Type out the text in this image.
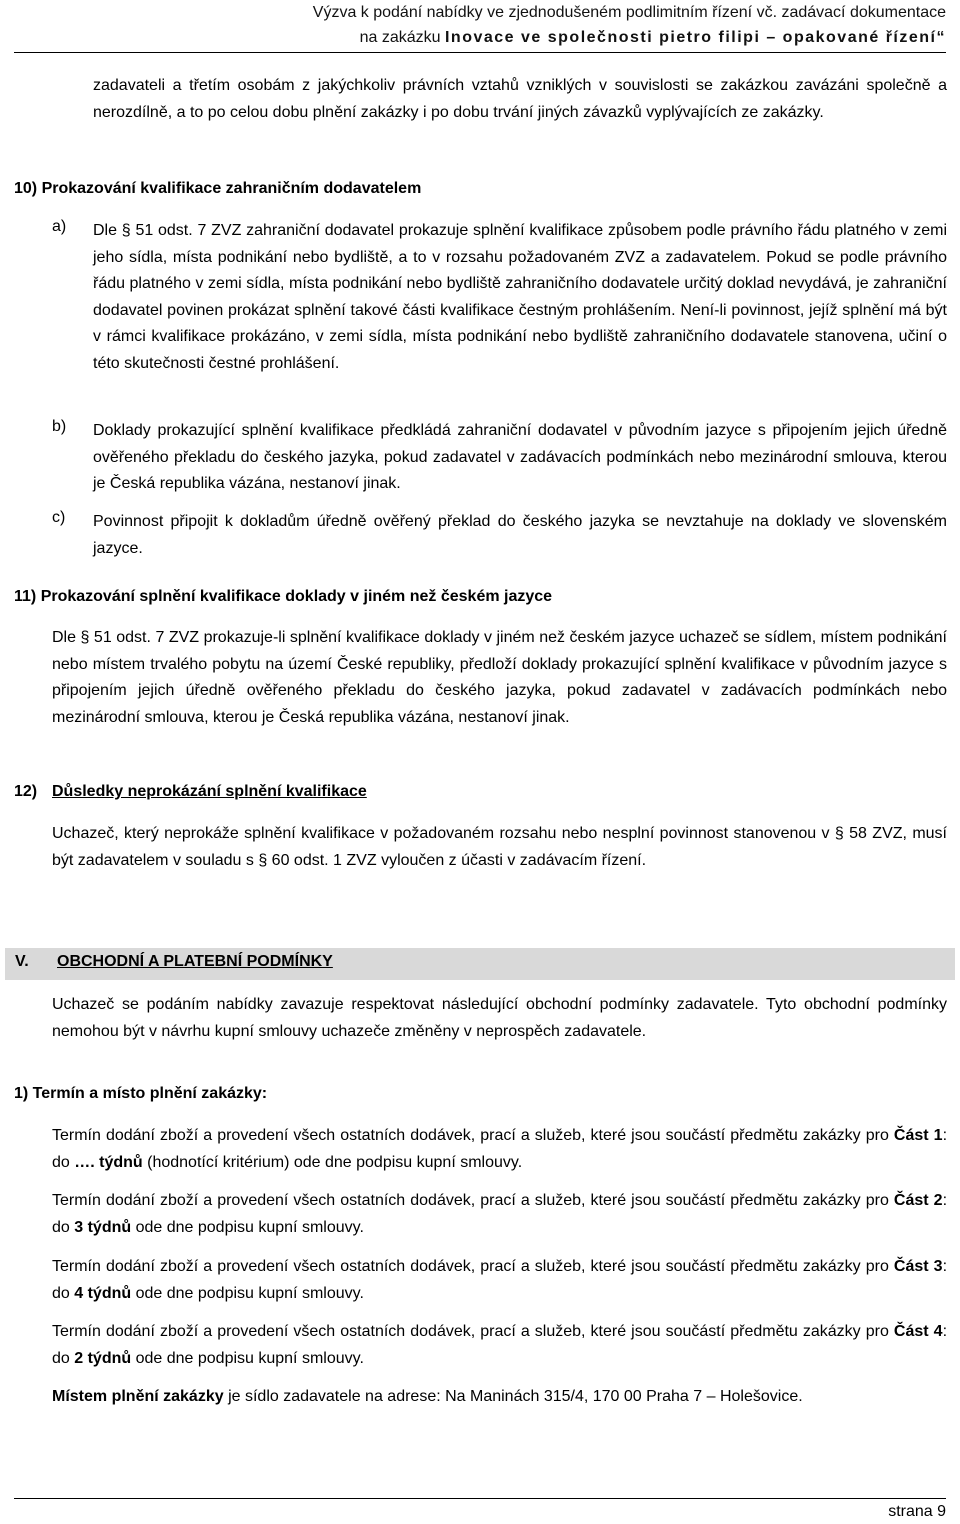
Výzva k podání nabídky ve zjednodušeném podlimitním řízení vč. zadávací dokumentace
na zakázku Inovace ve společnosti pietro filipi – opakované řízení“

zadavateli a třetím osobám z jakýchkoliv právních vztahů vzniklých v souvislosti se zakázkou zavázáni společně a nerozdílně, a to po celou dobu plnění zakázky i po dobu trvání jiných závazků vyplývajících ze zakázky.

10) Prokazování kvalifikace zahraničním dodavatelem
a)	Dle § 51 odst. 7 ZVZ zahraniční dodavatel prokazuje splnění kvalifikace způsobem podle právního řádu platného v zemi jeho sídla, místa podnikání nebo bydliště, a to v rozsahu požadovaném ZVZ a zadavatelem. Pokud se podle právního řádu platného v zemi sídla, místa podnikání nebo bydliště zahraničního dodavatele určitý doklad nevydává, je zahraniční dodavatel povinen prokázat splnění takové části kvalifikace čestným prohlášením. Není-li povinnost, jejíž splnění má být v rámci kvalifikace prokázáno, v zemi sídla, místa podnikání nebo bydliště zahraničního dodavatele stanovena, učiní o této skutečnosti čestné prohlášení.
b)	Doklady prokazující splnění kvalifikace předkládá zahraniční dodavatel v původním jazyce s připojením jejich úředně ověřeného překladu do českého jazyka, pokud zadavatel v zadávacích podmínkách nebo mezinárodní smlouva, kterou je Česká republika vázána, nestanoví jinak.
c)	Povinnost připojit k dokladům úředně ověřený překlad do českého jazyka se nevztahuje na doklady ve slovenském jazyce.
11) Prokazování splnění kvalifikace doklady v jiném než českém jazyce
Dle § 51 odst. 7 ZVZ prokazuje-li splnění kvalifikace doklady v jiném než českém jazyce uchazeč se sídlem, místem podnikání nebo místem trvalého pobytu na území České republiky, předloží doklady prokazující splnění kvalifikace v původním jazyce s připojením jejich úředně ověřeného překladu do českého jazyka, pokud zadavatel v zadávacích podmínkách nebo mezinárodní smlouva, kterou je Česká republika vázána, nestanoví jinak.
12) Důsledky neprokázání splnění kvalifikace
Uchazeč, který neprokáže splnění kvalifikace v požadovaném rozsahu nebo nesplní povinnost stanovenou v § 58 ZVZ, musí být zadavatelem v souladu s § 60 odst. 1 ZVZ vyloučen z účasti v zadávacím řízení.
V. OBCHODNÍ A PLATEBNÍ PODMÍNKY
Uchazeč se podáním nabídky zavazuje respektovat následující obchodní podmínky zadavatele. Tyto obchodní podmínky nemohou být v návrhu kupní smlouvy uchazeče změněny v neprospěch zadavatele.
1) Termín a místo plnění zakázky:
Termín dodání zboží a provedení všech ostatních dodávek, prací a služeb, které jsou součástí předmětu zakázky pro Část 1: do …. týdnů (hodnotící kritérium) ode dne podpisu kupní smlouvy.
Termín dodání zboží a provedení všech ostatních dodávek, prací a služeb, které jsou součástí předmětu zakázky pro Část 2: do 3 týdnů ode dne podpisu kupní smlouvy.
Termín dodání zboží a provedení všech ostatních dodávek, prací a služeb, které jsou součástí předmětu zakázky pro Část 3: do 4 týdnů ode dne podpisu kupní smlouvy.
Termín dodání zboží a provedení všech ostatních dodávek, prací a služeb, které jsou součástí předmětu zakázky pro Část 4: do 2 týdnů ode dne podpisu kupní smlouvy.
Místem plnění zakázky je sídlo zadavatele na adrese: Na Maninách 315/4, 170 00 Praha 7 – Holešovice.
strana 9
